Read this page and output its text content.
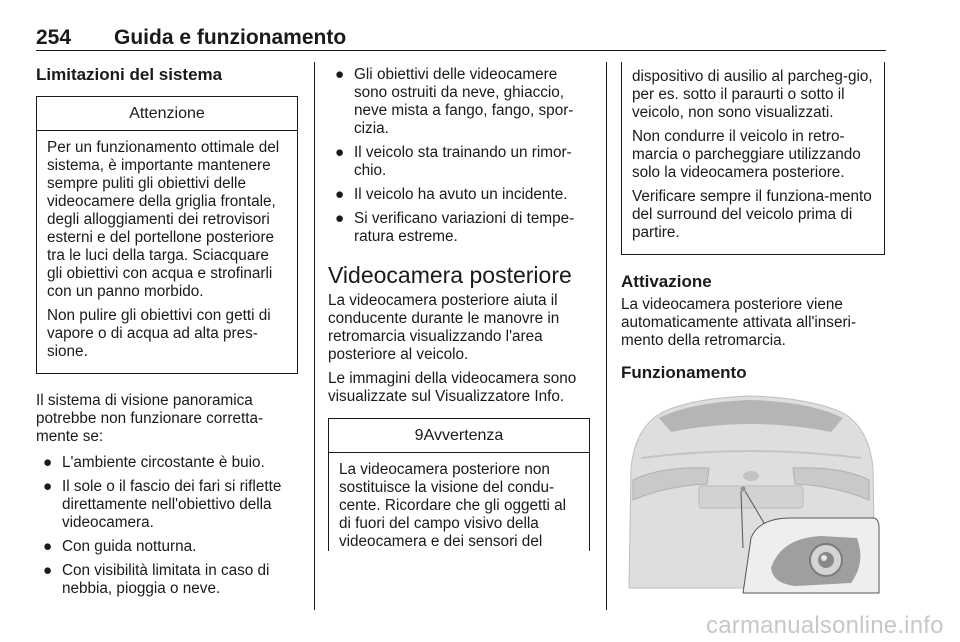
254 Guida e funzionamento

Limitazioni del sistema

Attenzione

Per un funzionamento ottimale del sistema, è importante mantenere sempre puliti gli obiettivi delle videocamere della griglia frontale, degli alloggiamenti dei retrovisori esterni e del portellone posteriore tra le luci della targa. Sciacquare gli obiettivi con acqua e strofinarli con un panno morbido.

Non pulire gli obiettivi con getti di vapore o di acqua ad alta pres-sione.

Il sistema di visione panoramica potrebbe non funzionare corretta-mente se:

● L'ambiente circostante è buio.
● Il sole o il fascio dei fari si riflette direttamente nell'obiettivo della videocamera.
● Con guida notturna.
● Con visibilità limitata in caso di nebbia, pioggia o neve.
● Gli obiettivi delle videocamere sono ostruiti da neve, ghiaccio, neve mista a fango, fango, spor-cizia.
● Il veicolo sta trainando un rimor-chio.
● Il veicolo ha avuto un incidente.
● Si verificano variazioni di tempe-ratura estreme.

Videocamera posteriore

La videocamera posteriore aiuta il conducente durante le manovre in retromarcia visualizzando l'area posteriore al veicolo.

Le immagini della videocamera sono visualizzate sul Visualizzatore Info.

9Avvertenza

La videocamera posteriore non sostituisce la visione del condu-cente. Ricordare che gli oggetti al di fuori del campo visivo della videocamera e dei sensori del

dispositivo di ausilio al parcheg-gio, per es. sotto il paraurti o sotto il veicolo, non sono visualizzati.

Non condurre il veicolo in retro-marcia o parcheggiare utilizzando solo la videocamera posteriore.

Verificare sempre il funziona-mento del surround del veicolo prima di partire.

Attivazione

La videocamera posteriore viene automaticamente attivata all'inseri-mento della retromarcia.

Funzionamento

carmanualsonline.info
